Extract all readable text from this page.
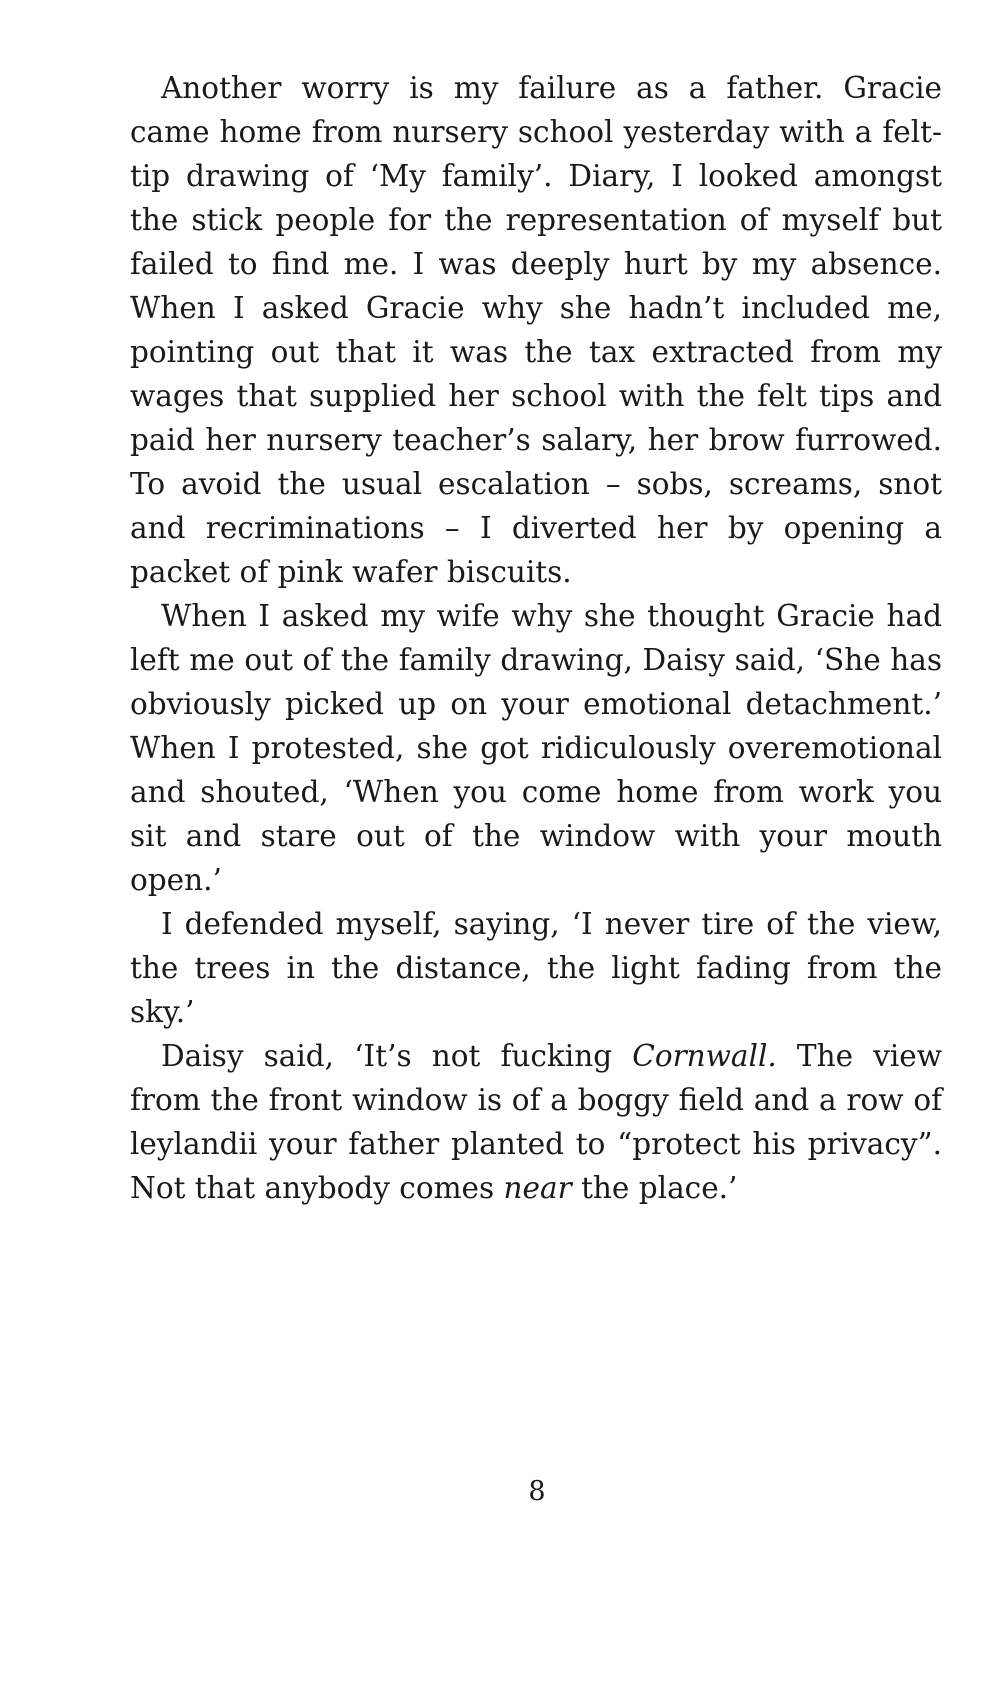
Another worry is my failure as a father. Gracie came home from nursery school yesterday with a felt-tip drawing of ‘My family’. Diary, I looked amongst the stick people for the representation of myself but failed to find me. I was deeply hurt by my absence. When I asked Gracie why she hadn’t included me, pointing out that it was the tax extracted from my wages that supplied her school with the felt tips and paid her nursery teacher’s salary, her brow furrowed. To avoid the usual escalation – sobs, screams, snot and recriminations – I diverted her by opening a packet of pink wafer biscuits.

When I asked my wife why she thought Gracie had left me out of the family drawing, Daisy said, ‘She has obviously picked up on your emotional detachment.’ When I protested, she got ridiculously overemotional and shouted, ‘When you come home from work you sit and stare out of the window with your mouth open.’

I defended myself, saying, ‘I never tire of the view, the trees in the distance, the light fading from the sky.’

Daisy said, ‘It’s not fucking Cornwall. The view from the front window is of a boggy field and a row of leylandii your father planted to “protect his privacy”. Not that anybody comes near the place.’

8
